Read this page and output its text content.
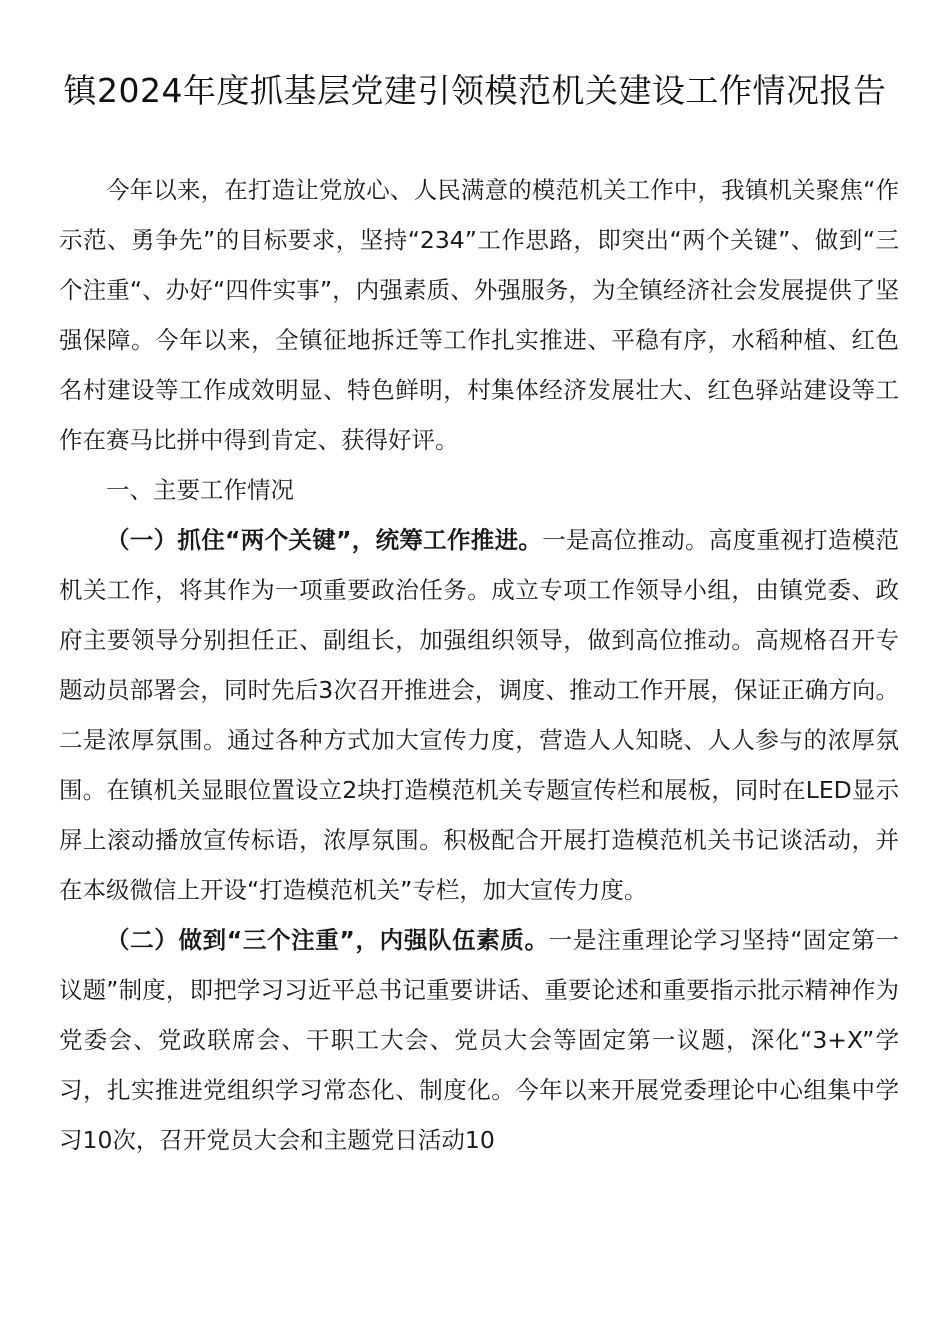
镇2024年度抓基层党建引领模范机关建设工作情况报告

今年以来，在打造让党放心、人民满意的模范机关工作中，我镇机关聚焦“作示范、勇争先”的目标要求，坚持“234”工作思路，即突出“两个关键”、做到“三个注重“、办好“四件实事”，内强素质、外强服务，为全镇经济社会发展提供了坚强保障。今年以来，全镇征地拆迁等工作扎实推进、平稳有序，水稻种植、红色名村建设等工作成效明显、特色鲜明，村集体经济发展壮大、红色驿站建设等工作在赛马比拼中得到肯定、获得好评。

一、主要工作情况

（一）抓住“两个关键”，统筹工作推进。一是高位推动。高度重视打造模范机关工作，将其作为一项重要政治任务。成立专项工作领导小组，由镇党委、政府主要领导分别担任正、副组长，加强组织领导，做到高位推动。高规格召开专题动员部署会，同时先后3次召开推进会，调度、推动工作开展，保证正确方向。二是浓厚氛围。通过各种方式加大宣传力度，营造人人知晓、人人参与的浓厚氛围。在镇机关显眼位置设立2块打造模范机关专题宣传栏和展板，同时在LED显示屏上滚动播放宣传标语，浓厚氛围。积极配合开展打造模范机关书记谈活动，并在本级微信上开设“打造模范机关”专栏，加大宣传力度。

（二）做到“三个注重”，内强队伍素质。一是注重理论学习坚持“固定第一议题”制度，即把学习习近平总书记重要讲话、重要论述和重要指示批示精神作为党委会、党政联席会、干职工大会、党员大会等固定第一议题，深化“3+X”学习，扎实推进党组织学习常态化、制度化。今年以来开展党委理论中心组集中学习10次，召开党员大会和主题党日活动10
